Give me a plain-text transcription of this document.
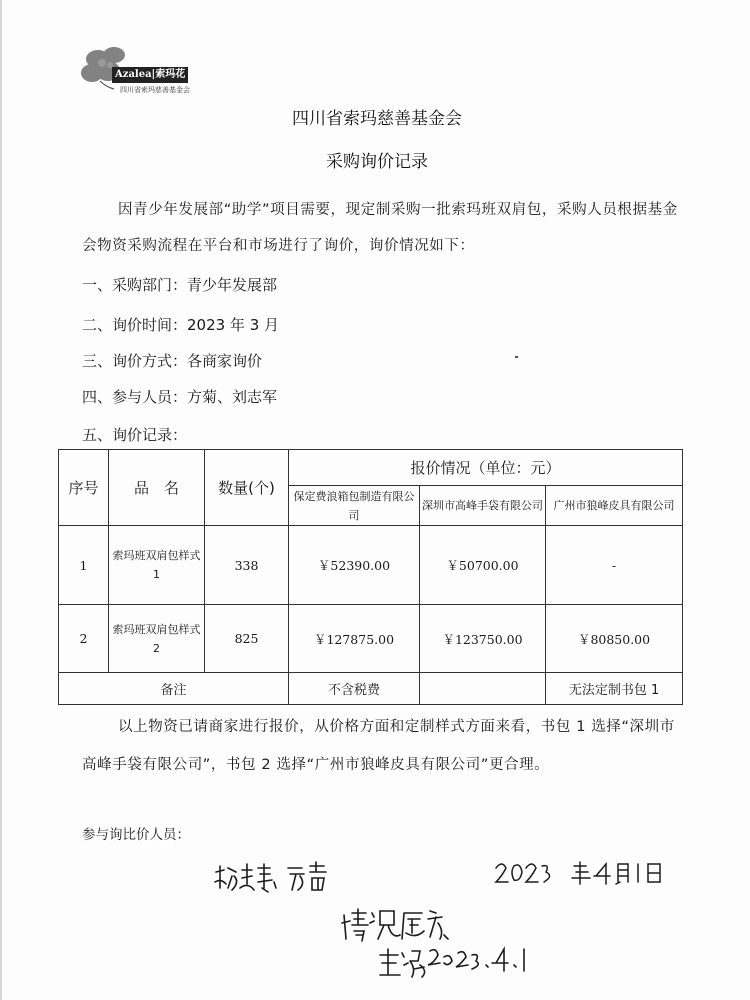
Azalea|索玛花
四川省索玛慈善基金会
四川省索玛慈善基金会
采购询价记录
因青少年发展部“助学”项目需要，现定制采购一批索玛班双肩包，采购人员根据基金会物资采购流程在平台和市场进行了询价，询价情况如下：
一、采购部门：青少年发展部
二、询价时间：2023 年 3 月
三、询价方式：各商家询价
四、参与人员：方菊、刘志军
五、询价记录：
序号	品　名	数量(个)	报价情况（单位：元）		
			保定费浪箱包制造有限公司	深圳市高峰手袋有限公司	广州市狼峰皮具有限公司
1	索玛班双肩包样式 1	338	￥52390.00	￥50700.00	-
2	索玛班双肩包样式 2	825	￥127875.00	￥123750.00	￥80850.00
备注			不含税费		无法定制书包 1
以上物资已请商家进行报价，从价格方面和定制样式方面来看，书包 1 选择“深圳市高峰手袋有限公司”，书包 2 选择“广州市狼峰皮具有限公司”更合理。
参与询比价人员：
